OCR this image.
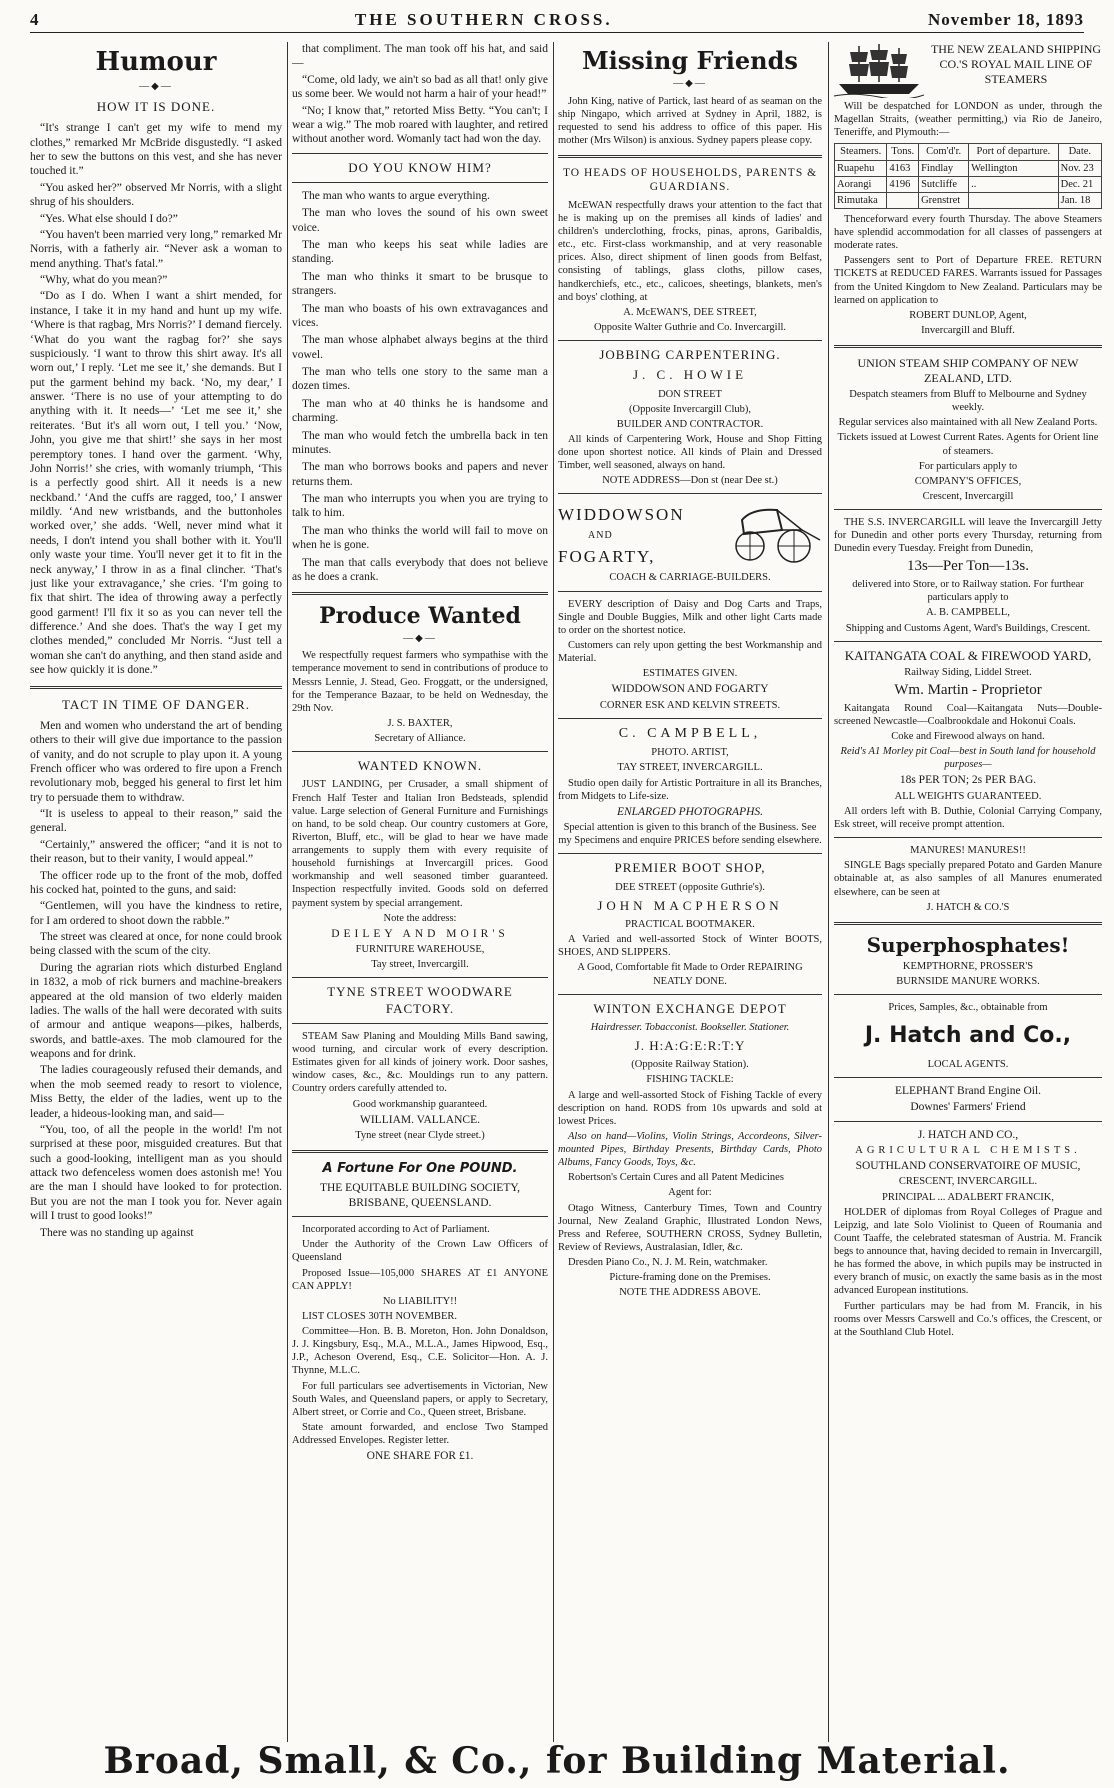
4	THE SOUTHERN CROSS.	November 18, 1893
Humour
—◆—
HOW IT IS DONE.

“It's strange I can't get my wife to mend my clothes,” remarked Mr McBride disgustedly. “I asked her to sew the buttons on this vest, and she has never touched it.”

“You asked her?” observed Mr Norris, with a slight shrug of his shoulders.

“Yes. What else should I do?”

“You haven't been married very long,” remarked Mr Norris, with a fatherly air. “Never ask a woman to mend anything. That's fatal.”

“Why, what do you mean?”

“Do as I do. When I want a shirt mended, for instance, I take it in my hand and hunt up my wife. ‘Where is that ragbag, Mrs Norris?’ I demand fiercely. ‘What do you want the ragbag for?’ she says suspiciously. ‘I want to throw this shirt away. It's all worn out,’ I reply. ‘Let me see it,’ she demands. But I put the garment behind my back. ‘No, my dear,’ I answer. ‘There is no use of your attempting to do anything with it. It needs—’ ‘Let me see it,’ she reiterates. ‘But it's all worn out, I tell you.’ ‘Now, John, you give me that shirt!’ she says in her most peremptory tones. I hand over the garment. ‘Why, John Norris!’ she cries, with womanly triumph, ‘This is a perfectly good shirt. All it needs is a new neckband.’ ‘And the cuffs are ragged, too,’ I answer mildly. ‘And new wristbands, and the buttonholes worked over,’ she adds. ‘Well, never mind what it needs, I don't intend you shall bother with it. You'll only waste your time. You'll never get it to fit in the neck anyway,’ I throw in as a final clincher. ‘That's just like your extravagance,’ she cries. ‘I'm going to fix that shirt. The idea of throwing away a perfectly good garment! I'll fix it so as you can never tell the difference.’ And she does. That's the way I get my clothes mended,” concluded Mr Norris. “Just tell a woman she can't do anything, and then stand aside and see how quickly it is done.”

TACT IN TIME OF DANGER.

Men and women who understand the art of bending others to their will give due importance to the passion of vanity, and do not scruple to play upon it. A young French officer who was ordered to fire upon a French revolutionary mob, begged his general to first let him try to persuade them to withdraw.

“It is useless to appeal to their reason,” said the general.

“Certainly,” answered the officer; “and it is not to their reason, but to their vanity, I would appeal.”

The officer rode up to the front of the mob, doffed his cocked hat, pointed to the guns, and said:

“Gentlemen, will you have the kindness to retire, for I am ordered to shoot down the rabble.”

The street was cleared at once, for none could brook being classed with the scum of the city.

During the agrarian riots which disturbed England in 1832, a mob of rick burners and machine-breakers appeared at the old mansion of two elderly maiden ladies. The walls of the hall were decorated with suits of armour and antique weapons—pikes, halberds, swords, and battle-axes. The mob clamoured for the weapons and for drink.

The ladies courageously refused their demands, and when the mob seemed ready to resort to violence, Miss Betty, the elder of the ladies, went up to the leader, a hideous-looking man, and said—

“You, too, of all the people in the world! I'm not surprised at these poor, misguided creatures. But that such a good-looking, intelligent man as you should attack two defenceless women does astonish me! You are the man I should have looked to for protection. But you are not the man I took you for. Never again will I trust to good looks!”

There was no standing up against

that compliment. The man took off his hat, and said—

“Come, old lady, we ain't so bad as all that! only give us some beer. We would not harm a hair of your head!”

“No; I know that,” retorted Miss Betty. “You can't; I wear a wig.” The mob roared with laughter, and retired without another word. Womanly tact had won the day.

DO YOU KNOW HIM?

The man who wants to argue everything.

The man who loves the sound of his own sweet voice.

The man who keeps his seat while ladies are standing.

The man who thinks it smart to be brusque to strangers.

The man who boasts of his own extravagances and vices.

The man whose alphabet always begins at the third vowel.

The man who tells one story to the same man a dozen times.

The man who at 40 thinks he is handsome and charming.

The man who would fetch the umbrella back in ten minutes.

The man who borrows books and papers and never returns them.

The man who interrupts you when you are trying to talk to him.

The man who thinks the world will fail to move on when he is gone.

The man that calls everybody that does not believe as he does a crank.

Produce Wanted
—◆—

We respectfully request farmers who sympathise with the temperance movement to send in contributions of produce to Messrs Lennie, J. Stead, Geo. Froggatt, or the undersigned, for the Temperance Bazaar, to be held on Wednesday, the 29th Nov.

J. S. BAXTER,

Secretary of Alliance.

WANTED KNOWN.

JUST LANDING, per Crusader, a small shipment of French Half Tester and Italian Iron Bedsteads, splendid value. Large selection of General Furniture and Furnishings on hand, to be sold cheap. Our country customers at Gore, Riverton, Bluff, etc., will be glad to hear we have made arrangements to supply them with every requisite of household furnishings at Invercargill prices. Good workmanship and well seasoned timber guaranteed. Inspection respectfully invited. Goods sold on deferred payment system by special arrangement.

Note the address:

DEILEY AND MOIR'S

FURNITURE WAREHOUSE,

Tay street, Invercargill.

TYNE STREET WOODWARE FACTORY.

STEAM Saw Planing and Moulding Mills Band sawing, wood turning, and circular work of every description. Estimates given for all kinds of joinery work. Door sashes, window cases, &c., &c. Mouldings run to any pattern. Country orders carefully attended to.

Good workmanship guaranteed.

WILLIAM. VALLANCE.

Tyne street (near Clyde street.)

A Fortune For One POUND.

THE EQUITABLE BUILDING SOCIETY, BRISBANE, QUEENSLAND.

Incorporated according to Act of Parliament.

Under the Authority of the Crown Law Officers of Queensland

Proposed Issue—105,000 SHARES AT £1 ANYONE CAN APPLY!

No LIABILITY!!

LIST CLOSES 30TH NOVEMBER.

Committee—Hon. B. B. Moreton, Hon. John Donaldson, J. J. Kingsbury, Esq., M.A., M.L.A., James Hipwood, Esq., J.P., Acheson Overend, Esq., C.E. Solicitor—Hon. A. J. Thynne, M.L.C.

For full particulars see advertisements in Victorian, New South Wales, and Queensland papers, or apply to Secretary, Albert street, or Corrie and Co., Queen street, Brisbane.

State amount forwarded, and enclose Two Stamped Addressed Envelopes. Register letter.

ONE SHARE FOR £1.

Missing Friends
—◆—

John King, native of Partick, last heard of as seaman on the ship Ningapo, which arrived at Sydney in April, 1882, is requested to send his address to office of this paper. His mother (Mrs Wilson) is anxious. Sydney papers please copy.

TO HEADS OF HOUSEHOLDS, PARENTS & GUARDIANS.

McEWAN respectfully draws your attention to the fact that he is making up on the premises all kinds of ladies' and children's underclothing, frocks, pinas, aprons, Garibaldis, etc., etc. First-class workmanship, and at very reasonable prices. Also, direct shipment of linen goods from Belfast, consisting of tablings, glass cloths, pillow cases, handkerchiefs, etc., etc., calicoes, sheetings, blankets, men's and boys' clothing, at

A. McEWAN'S, DEE STREET,

Opposite Walter Guthrie and Co. Invercargill.

JOBBING CARPENTERING.
J. C. HOWIE

DON STREET

(Opposite Invercargill Club),

BUILDER AND CONTRACTOR.

All kinds of Carpentering Work, House and Shop Fitting done upon shortest notice. All kinds of Plain and Dressed Timber, well seasoned, always on hand.

NOTE ADDRESS—Don st (near Dee st.)

WIDDOWSON
AND
FOGARTY,

COACH & CARRIAGE-BUILDERS.

EVERY description of Daisy and Dog Carts and Traps, Single and Double Buggies, Milk and other light Carts made to order on the shortest notice.

Customers can rely upon getting the best Workmanship and Material.

ESTIMATES GIVEN.

WIDDOWSON AND FOGARTY

CORNER ESK AND KELVIN STREETS.

C. CAMPBELL,

PHOTO. ARTIST,

TAY STREET, INVERCARGILL.

Studio open daily for Artistic Portraiture in all its Branches, from Midgets to Life-size.

ENLARGED PHOTOGRAPHS.

Special attention is given to this branch of the Business. See my Specimens and enquire PRICES before sending elsewhere.

PREMIER BOOT SHOP,

DEE STREET (opposite Guthrie's).

JOHN MACPHERSON

PRACTICAL BOOTMAKER.

A Varied and well-assorted Stock of Winter BOOTS, SHOES, AND SLIPPERS.

A Good, Comfortable fit Made to Order REPAIRING NEATLY DONE.

WINTON EXCHANGE DEPOT

Hairdresser. Tobacconist. Bookseller. Stationer.

J. H:A:G:E:R:T:Y

(Opposite Railway Station).

FISHING TACKLE:

A large and well-assorted Stock of Fishing Tackle of every description on hand. RODS from 10s upwards and sold at lowest Prices.

Also on hand—Violins, Violin Strings, Accordeons, Silver-mounted Pipes, Birthday Presents, Birthday Cards, Photo Albums, Fancy Goods, Toys, &c.

Robertson's Certain Cures and all Patent Medicines

Agent for:

Otago Witness, Canterbury Times, Town and Country Journal, New Zealand Graphic, Illustrated London News, Press and Referee, SOUTHERN CROSS, Sydney Bulletin, Review of Reviews, Australasian, Idler, &c.

Dresden Piano Co., N. J. M. Rein, watchmaker.

Picture-framing done on the Premises.

NOTE THE ADDRESS ABOVE.

THE NEW ZEALAND SHIPPING CO.'S ROYAL MAIL LINE OF STEAMERS

Will be despatched for LONDON as under, through the Magellan Straits, (weather permitting,) via Rio de Janeiro, Teneriffe, and Plymouth:—

Steamers.	Tons.	Com'd'r.	Port of departure.	Date.
Ruapehu	4163	Findlay	Wellington	Nov. 23
Aorangi	4196	Sutcliffe	..	Dec. 21
Rimutaka		Grenstret		Jan. 18

Thenceforward every fourth Thursday. The above Steamers have splendid accommodation for all classes of passengers at moderate rates.

Passengers sent to Port of Departure FREE. RETURN TICKETS at REDUCED FARES. Warrants issued for Passages from the United Kingdom to New Zealand. Particulars may be learned on application to

ROBERT DUNLOP, Agent,

Invercargill and Bluff.

UNION STEAM SHIP COMPANY OF NEW ZEALAND, LTD.

Despatch steamers from Bluff to Melbourne and Sydney weekly.

Regular services also maintained with all New Zealand Ports.

Tickets issued at Lowest Current Rates. Agents for Orient line of steamers.

For particulars apply to

COMPANY'S OFFICES,

Crescent, Invercargill

THE S.S. INVERCARGILL will leave the Invercargill Jetty for Dunedin and other ports every Thursday, returning from Dunedin every Tuesday. Freight from Dunedin,

13s—Per Ton—13s.

delivered into Store, or to Railway station. For furthear particulars apply to

A. B. CAMPBELL,

Shipping and Customs Agent, Ward's Buildings, Crescent.

KAITANGATA COAL & FIREWOOD YARD,

Railway Siding, Liddel Street.

Wm. Martin - Proprietor

Kaitangata Round Coal—Kaitangata Nuts—Double-screened Newcastle—Coalbrookdale and Hokonui Coals.

Coke and Firewood always on hand.

Reid's A1 Morley pit Coal—best in South land for household purposes—

18s PER TON; 2s PER BAG.

ALL WEIGHTS GUARANTEED.

All orders left with B. Duthie, Colonial Carrying Company, Esk street, will receive prompt attention.

MANURES! MANURES!!

SINGLE Bags specially prepared Potato and Garden Manure obtainable at, as also samples of all Manures enumerated elsewhere, can be seen at

J. HATCH & CO.'S

Superphosphates!

KEMPTHORNE, PROSSER'S

BURNSIDE MANURE WORKS.

Prices, Samples, &c., obtainable from

J. Hatch and Co.,

LOCAL AGENTS.

ELEPHANT Brand Engine Oil.

Downes' Farmers' Friend

J. HATCH AND CO.,

AGRICULTURAL CHEMISTS.

SOUTHLAND CONSERVATOIRE OF MUSIC,

CRESCENT, INVERCARGILL.

PRINCIPAL ... ADALBERT FRANCIK,

HOLDER of diplomas from Royal Colleges of Prague and Leipzig, and late Solo Violinist to Queen of Roumania and Count Taaffe, the celebrated statesman of Austria. M. Francik begs to announce that, having decided to remain in Invercargill, he has formed the above, in which pupils may be instructed in every branch of music, on exactly the same basis as in the most advanced European institutions.

Further particulars may be had from M. Francik, in his rooms over Messrs Carswell and Co.'s offices, the Crescent, or at the Southland Club Hotel.

Broad, Small, & Co., for Building Material.
